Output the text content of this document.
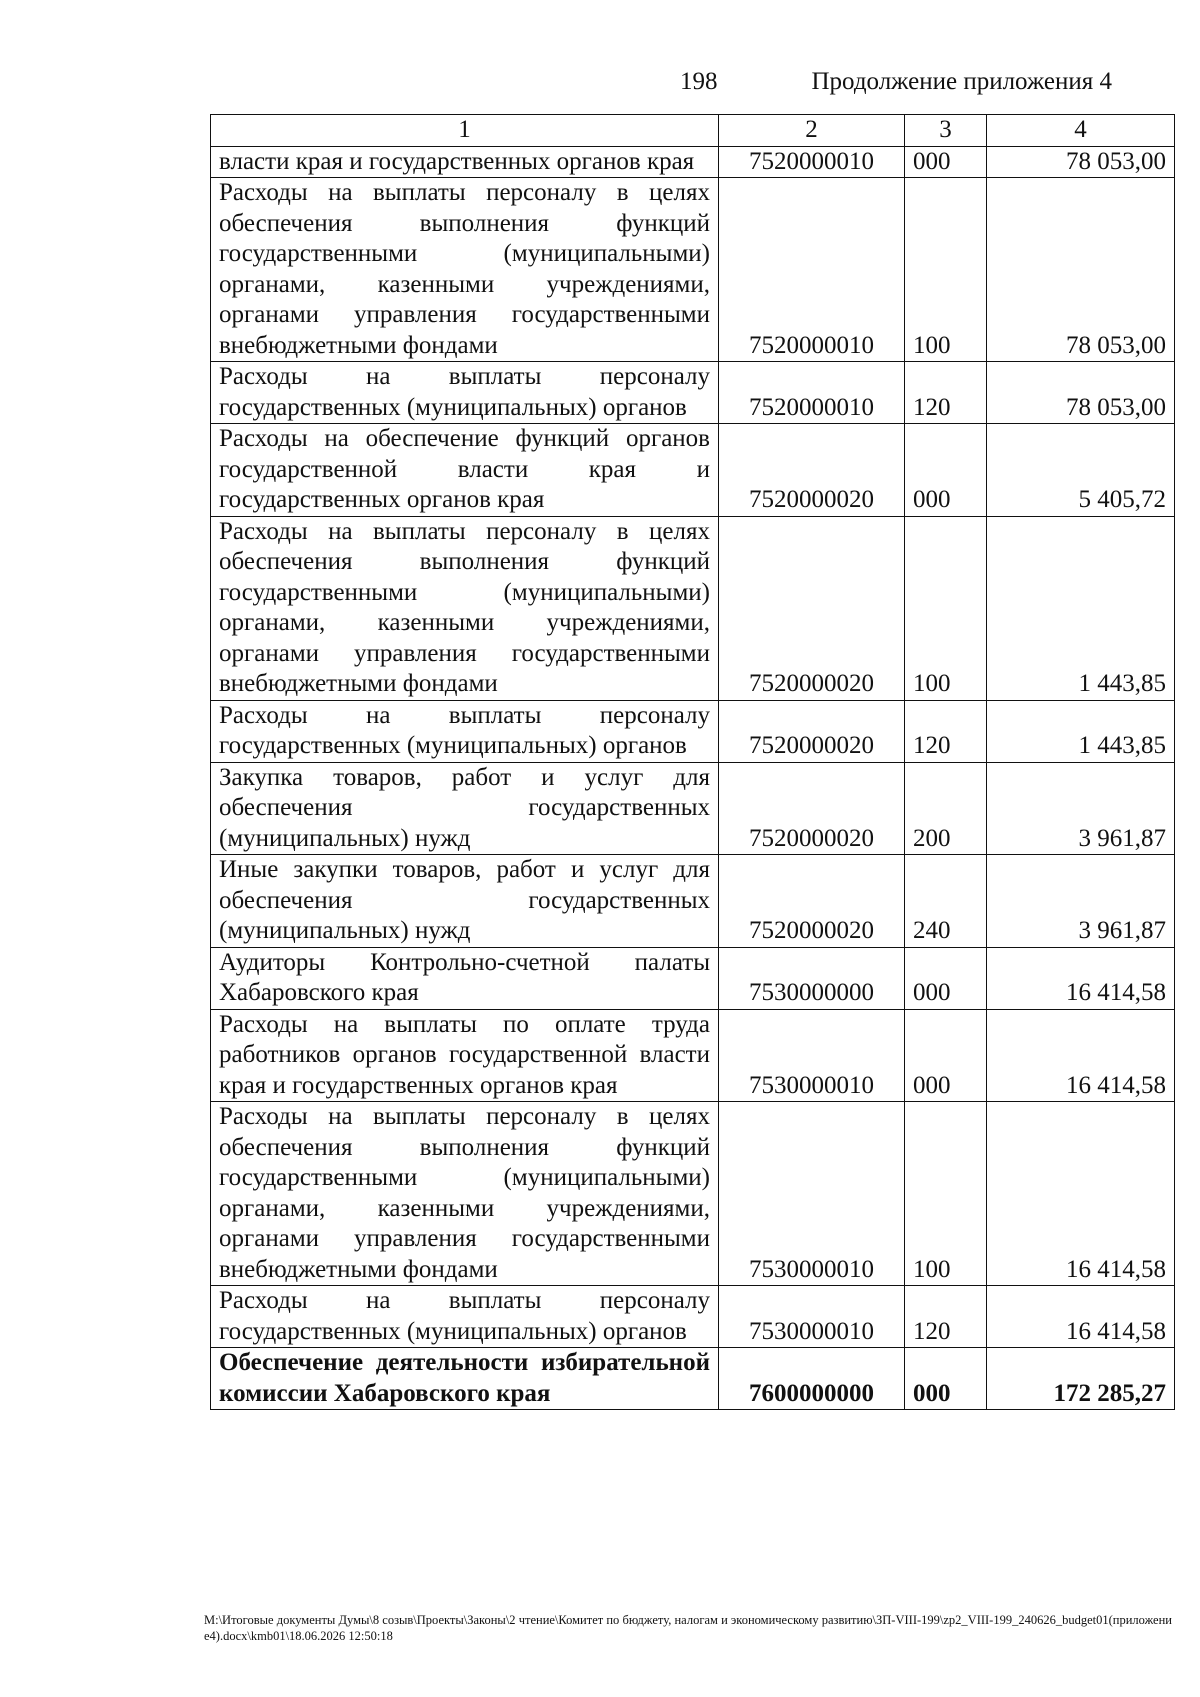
198	Продолжение приложения 4
1	2	3	4
власти края и государственных органов края	7520000010	000	78 053,00
Расходы на выплаты персоналу в целях обеспечения выполнения функций государственными (муниципальными) органами, казенными учреждениями, органами управления государственными внебюджетными фондами	7520000010	100	78 053,00
Расходы на выплаты персоналу государственных (муниципальных) органов	7520000010	120	78 053,00
Расходы на обеспечение функций органов государственной власти края и государственных органов края	7520000020	000	5 405,72
Расходы на выплаты персоналу в целях обеспечения выполнения функций государственными (муниципальными) органами, казенными учреждениями, органами управления государственными внебюджетными фондами	7520000020	100	1 443,85
Расходы на выплаты персоналу государственных (муниципальных) органов	7520000020	120	1 443,85
Закупка товаров, работ и услуг для обеспечения государственных (муниципальных) нужд	7520000020	200	3 961,87
Иные закупки товаров, работ и услуг для обеспечения государственных (муниципальных) нужд	7520000020	240	3 961,87
Аудиторы Контрольно-счетной палаты Хабаровского края	7530000000	000	16 414,58
Расходы на выплаты по оплате труда работников органов государственной власти края и государственных органов края	7530000010	000	16 414,58
Расходы на выплаты персоналу в целях обеспечения выполнения функций государственными (муниципальными) органами, казенными учреждениями, органами управления государственными внебюджетными фондами	7530000010	100	16 414,58
Расходы на выплаты персоналу государственных (муниципальных) органов	7530000010	120	16 414,58
Обеспечение деятельности избирательной комиссии Хабаровского края	7600000000	000	172 285,27
М:\Итоговые документы Думы\8 созыв\Проекты\Законы\2 чтение\Комитет по бюджету, налогам и экономическому развитию\ЗП-VIII-199\zp2_VIII-199_240626_budget01(приложение4).docx\kmb01\18.06.2026 12:50:18
